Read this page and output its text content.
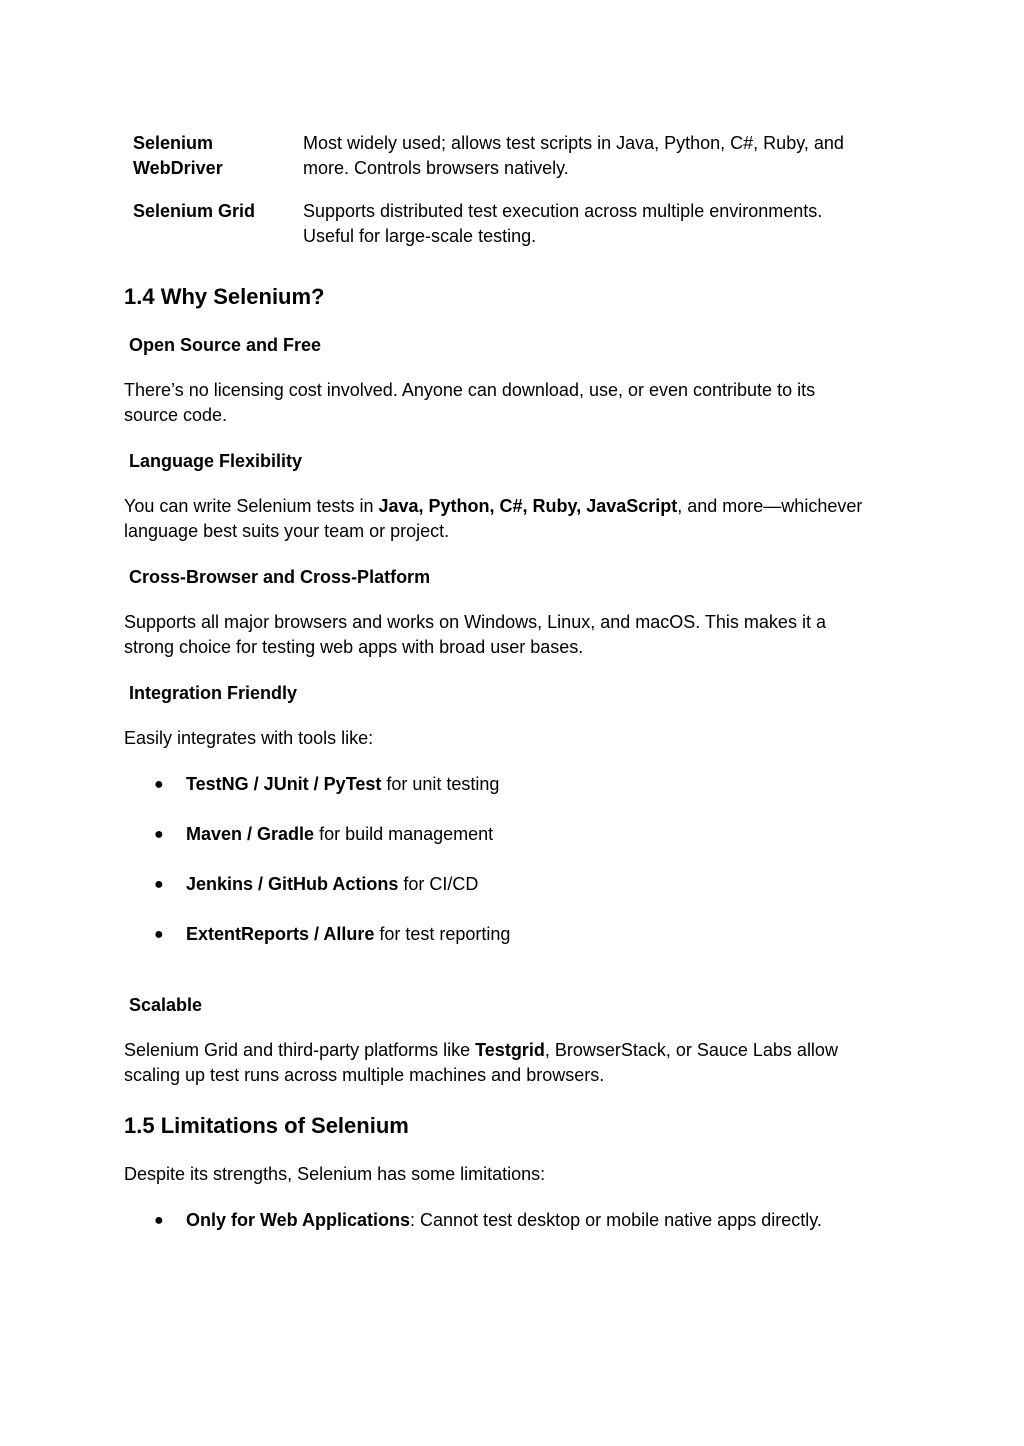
Selenium
WebDriver
Most widely used; allows test scripts in Java, Python, C#, Ruby, and
more. Controls browsers natively.
Selenium Grid	Supports distributed test execution across multiple environments.
Useful for large-scale testing.
1.4 Why Selenium?
Open Source and Free
There’s no licensing cost involved. Anyone can download, use, or even contribute to its
source code.
Language Flexibility
You can write Selenium tests in Java, Python, C#, Ruby, JavaScript, and more—whichever
language best suits your team or project.
Cross-Browser and Cross-Platform
Supports all major browsers and works on Windows, Linux, and macOS. This makes it a
strong choice for testing web apps with broad user bases.
Integration Friendly
Easily integrates with tools like:
● TestNG / JUnit / PyTest for unit testing
● Maven / Gradle for build management
● Jenkins / GitHub Actions for CI/CD
● ExtentReports / Allure for test reporting
Scalable
Selenium Grid and third-party platforms like Testgrid, BrowserStack, or Sauce Labs allow
scaling up test runs across multiple machines and browsers.
1.5 Limitations of Selenium
Despite its strengths, Selenium has some limitations:
● Only for Web Applications: Cannot test desktop or mobile native apps directly.
